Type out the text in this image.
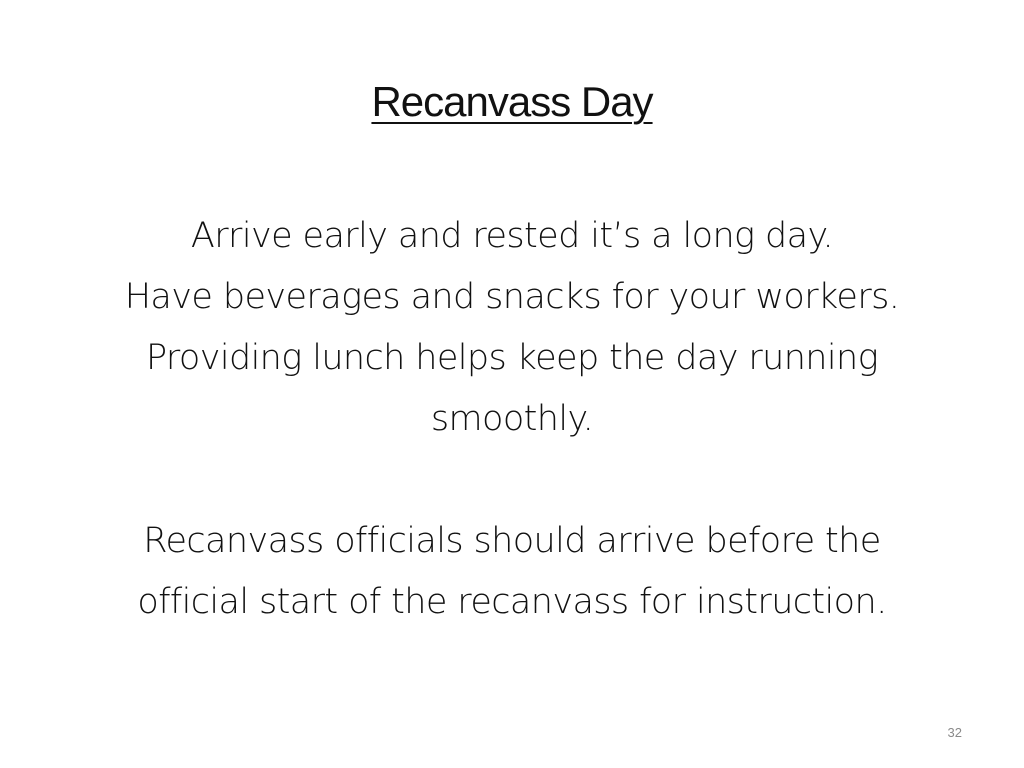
Recanvass Day

Arrive early and rested it’s a long day.
Have beverages and snacks for your workers.
Providing lunch helps keep the day running
smoothly.

Recanvass officials should arrive before the
official start of the recanvass for instruction.

32
